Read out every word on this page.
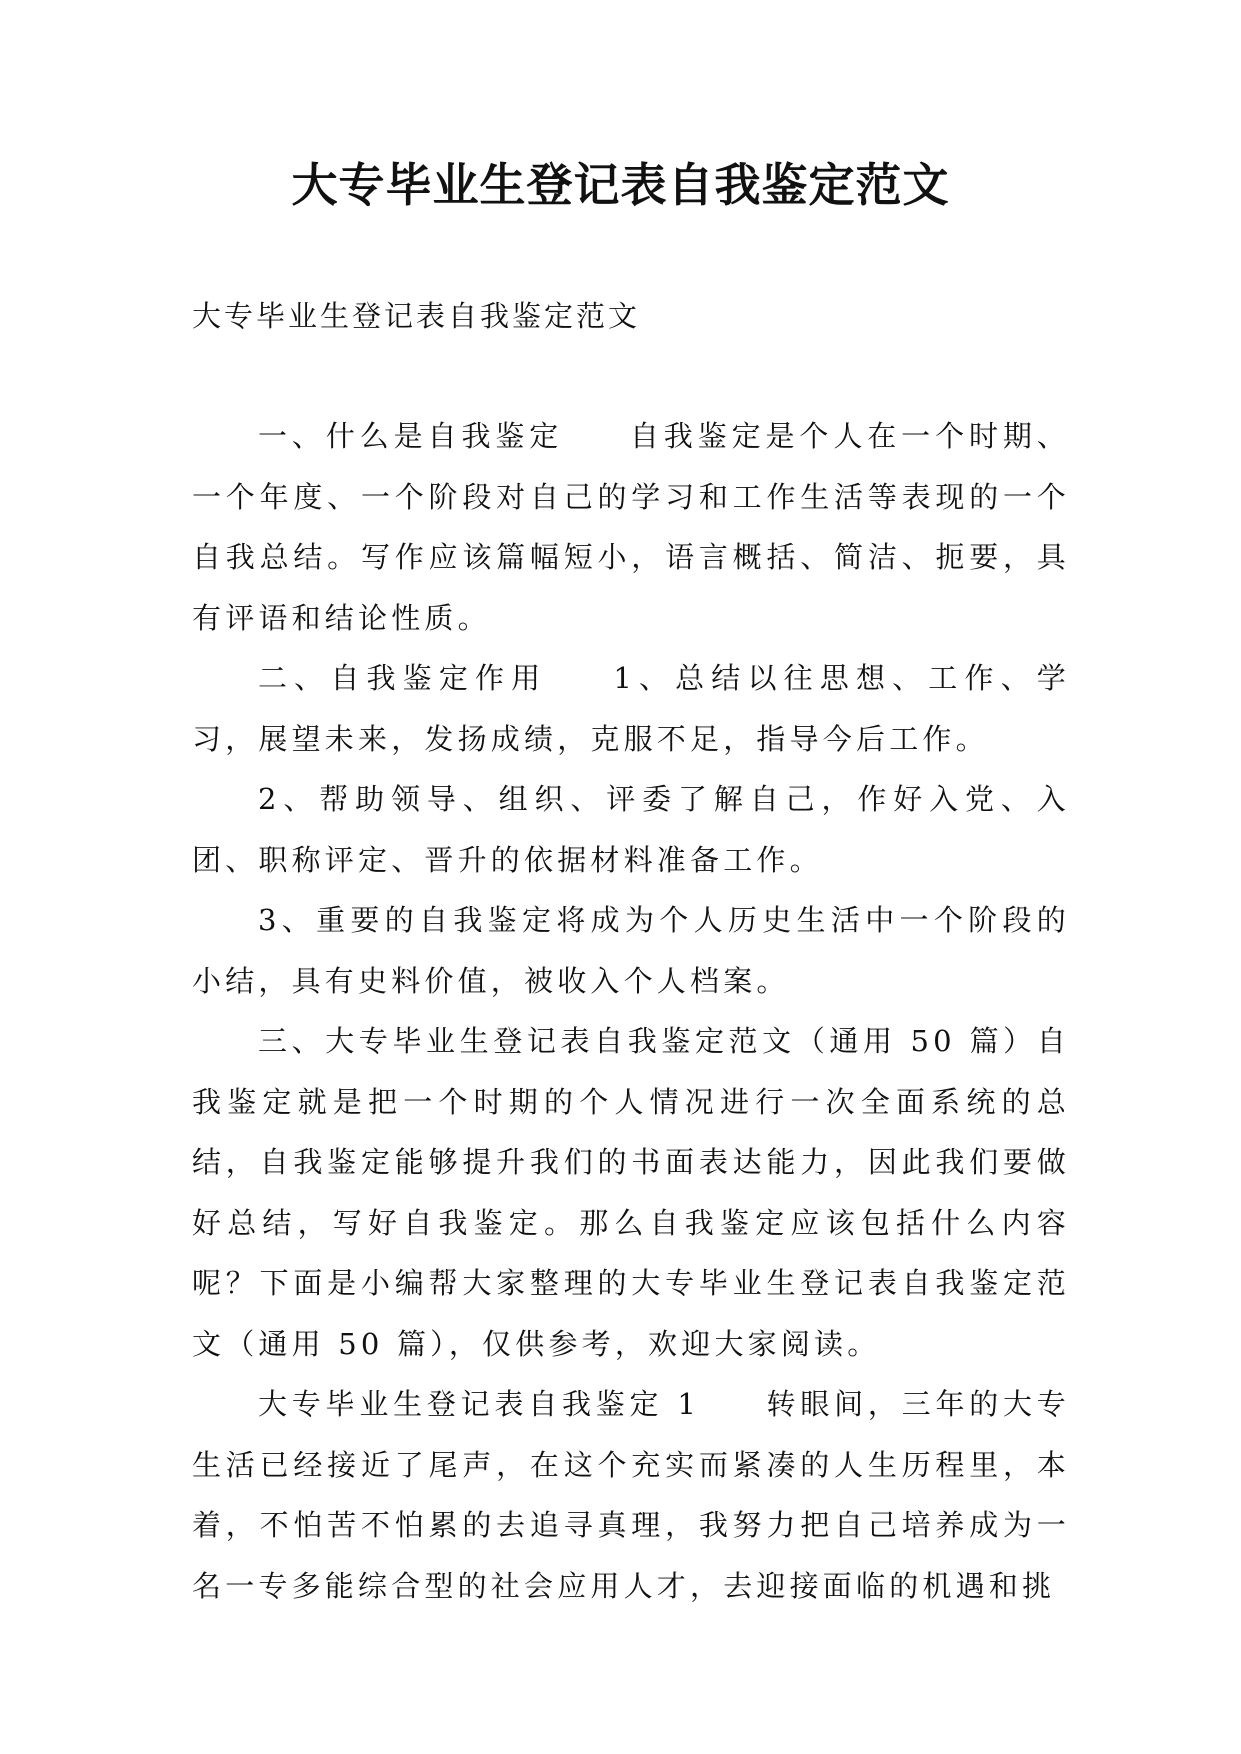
大专毕业生登记表自我鉴定范文
大专毕业生登记表自我鉴定范文

一、什么是自我鉴定 自我鉴定是个人在一个时期、一个年度、一个阶段对自己的学习和工作生活等表现的一个自我总结。写作应该篇幅短小，语言概括、简洁、扼要，具有评语和结论性质。

二、自我鉴定作用 1、总结以往思想、工作、学习，展望未来，发扬成绩，克服不足，指导今后工作。

2、帮助领导、组织、评委了解自己，作好入党、入团、职称评定、晋升的依据材料准备工作。

3、重要的自我鉴定将成为个人历史生活中一个阶段的小结，具有史料价值，被收入个人档案。

三、大专毕业生登记表自我鉴定范文（通用 50 篇）自我鉴定就是把一个时期的个人情况进行一次全面系统的总结，自我鉴定能够提升我们的书面表达能力，因此我们要做好总结，写好自我鉴定。那么自我鉴定应该包括什么内容呢？下面是小编帮大家整理的大专毕业生登记表自我鉴定范文（通用 50 篇），仅供参考，欢迎大家阅读。

大专毕业生登记表自我鉴定 1 转眼间，三年的大专生活已经接近了尾声，在这个充实而紧凑的人生历程里，本着，不怕苦不怕累的去追寻真理，我努力把自己培养成为一名一专多能综合型的社会应用人才，去迎接面临的机遇和挑
